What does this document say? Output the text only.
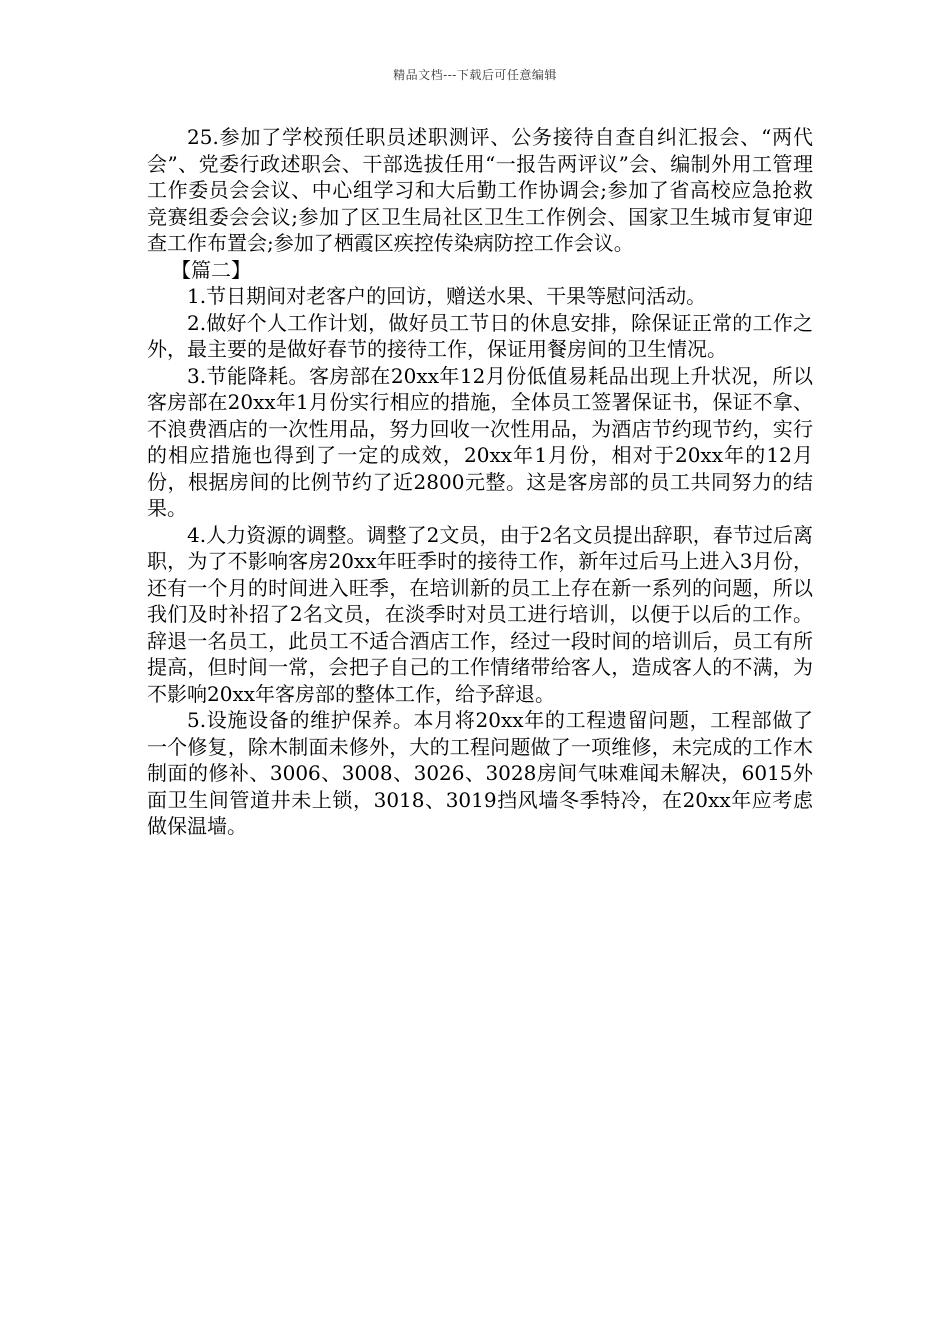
精品文档---下载后可任意编辑

25.参加了学校预任职员述职测评、公务接待自查自纠汇报会、“两代会”、党委行政述职会、干部选拔任用“一报告两评议”会、编制外用工管理工作委员会会议、中心组学习和大后勤工作协调会;参加了省高校应急抢救竞赛组委会会议;参加了区卫生局社区卫生工作例会、国家卫生城市复审迎查工作布置会;参加了栖霞区疾控传染病防控工作会议。

【篇二】

1.节日期间对老客户的回访，赠送水果、干果等慰问活动。

2.做好个人工作计划，做好员工节日的休息安排，除保证正常的工作之外，最主要的是做好春节的接待工作，保证用餐房间的卫生情况。

3.节能降耗。客房部在20xx年12月份低值易耗品出现上升状况，所以客房部在20xx年1月份实行相应的措施，全体员工签署保证书，保证不拿、不浪费酒店的一次性用品，努力回收一次性用品，为酒店节约现节约，实行的相应措施也得到了一定的成效，20xx年1月份，相对于20xx年的12月份，根据房间的比例节约了近2800元整。这是客房部的员工共同努力的结果。

4.人力资源的调整。调整了2文员，由于2名文员提出辞职，春节过后离职，为了不影响客房20xx年旺季时的接待工作，新年过后马上进入3月份，还有一个月的时间进入旺季，在培训新的员工上存在新一系列的问题，所以我们及时补招了2名文员，在淡季时对员工进行培训，以便于以后的工作。辞退一名员工，此员工不适合酒店工作，经过一段时间的培训后，员工有所提高，但时间一常，会把子自己的工作情绪带给客人，造成客人的不满，为不影响20xx年客房部的整体工作，给予辞退。

5.设施设备的维护保养。本月将20xx年的工程遗留问题，工程部做了一个修复，除木制面未修外，大的工程问题做了一项维修，未完成的工作木制面的修补、3006、3008、3026、3028房间气味难闻未解决，6015外面卫生间管道井未上锁，3018、3019挡风墙冬季特冷，在20xx年应考虑做保温墙。
